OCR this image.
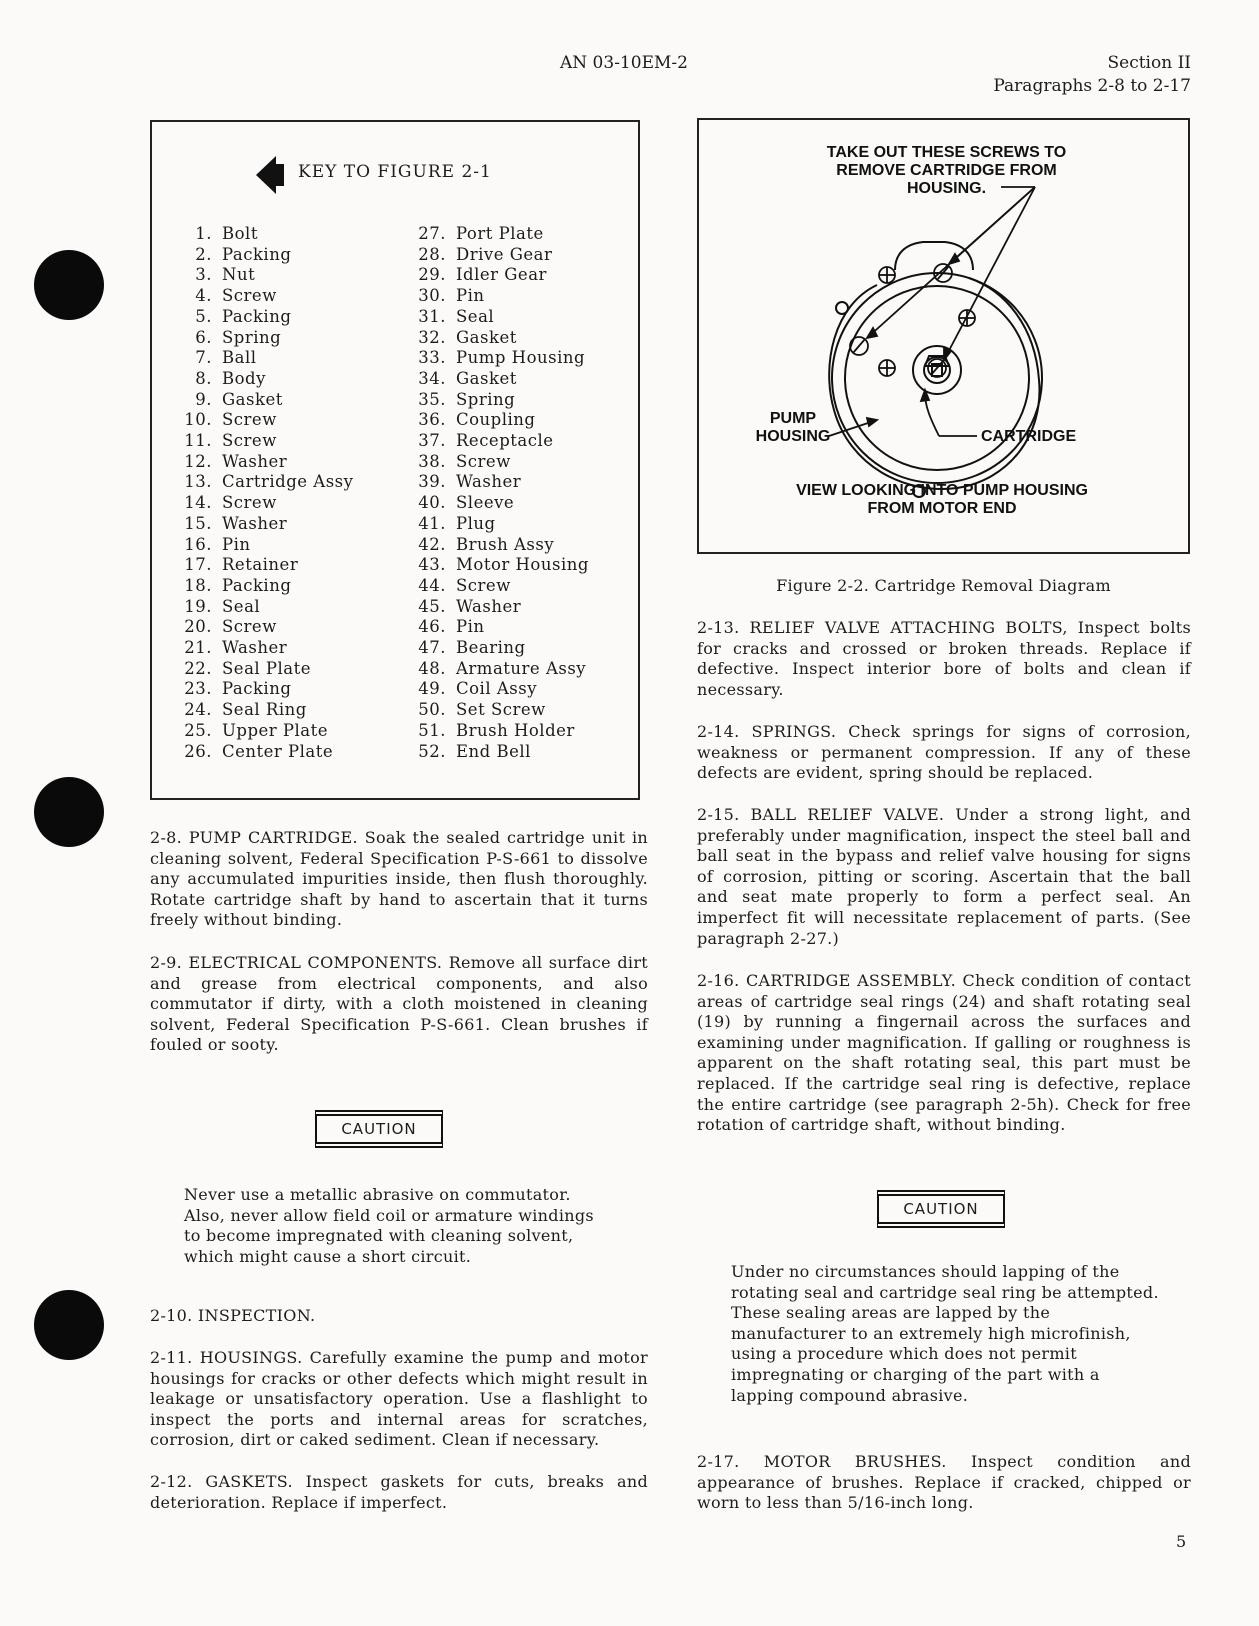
AN 03-10EM-2	Section II
Paragraphs 2-8 to 2-17
KEY TO FIGURE 2-1
1. Bolt
2. Packing
3. Nut
4. Screw
5. Packing
6. Spring
7. Ball
8. Body
9. Gasket
10. Screw
11. Screw
12. Washer
13. Cartridge Assy
14. Screw
15. Washer
16. Pin
17. Retainer
18. Packing
19. Seal
20. Screw
21. Washer
22. Seal Plate
23. Packing
24. Seal Ring
25. Upper Plate
26. Center Plate
27. Port Plate
28. Drive Gear
29. Idler Gear
30. Pin
31. Seal
32. Gasket
33. Pump Housing
34. Gasket
35. Spring
36. Coupling
37. Receptacle
38. Screw
39. Washer
40. Sleeve
41. Plug
42. Brush Assy
43. Motor Housing
44. Screw
45. Washer
46. Pin
47. Bearing
48. Armature Assy
49. Coil Assy
50. Set Screw
51. Brush Holder
52. End Bell
2-8. PUMP CARTRIDGE. Soak the sealed cartridge unit in cleaning solvent, Federal Specification P-S-661 to dissolve any accumulated impurities inside, then flush thoroughly. Rotate cartridge shaft by hand to ascertain that it turns freely without binding.
2-9. ELECTRICAL COMPONENTS. Remove all surface dirt and grease from electrical components, and also commutator if dirty, with a cloth moistened in cleaning solvent, Federal Specification P-S-661. Clean brushes if fouled or sooty.
CAUTION
Never use a metallic abrasive on commutator. Also, never allow field coil or armature windings to become impregnated with cleaning solvent, which might cause a short circuit.
2-10. INSPECTION.
2-11. HOUSINGS. Carefully examine the pump and motor housings for cracks or other defects which might result in leakage or unsatisfactory operation. Use a flashlight to inspect the ports and internal areas for scratches, corrosion, dirt or caked sediment. Clean if necessary.
2-12. GASKETS. Inspect gaskets for cuts, breaks and deterioration. Replace if imperfect.
TAKE OUT THESE SCREWS TO REMOVE CARTRIDGE FROM HOUSING.
PUMP HOUSING	CARTRIDGE
VIEW LOOKING INTO PUMP HOUSING FROM MOTOR END
Figure 2-2. Cartridge Removal Diagram
2-13. RELIEF VALVE ATTACHING BOLTS, Inspect bolts for cracks and crossed or broken threads. Replace if defective. Inspect interior bore of bolts and clean if necessary.
2-14. SPRINGS. Check springs for signs of corrosion, weakness or permanent compression. If any of these defects are evident, spring should be replaced.
2-15. BALL RELIEF VALVE. Under a strong light, and preferably under magnification, inspect the steel ball and ball seat in the bypass and relief valve housing for signs of corrosion, pitting or scoring. Ascertain that the ball and seat mate properly to form a perfect seal. An imperfect fit will necessitate replacement of parts. (See paragraph 2-27.)
2-16. CARTRIDGE ASSEMBLY. Check condition of contact areas of cartridge seal rings (24) and shaft rotating seal (19) by running a fingernail across the surfaces and examining under magnification. If galling or roughness is apparent on the shaft rotating seal, this part must be replaced. If the cartridge seal ring is defective, replace the entire cartridge (see paragraph 2-5h). Check for free rotation of cartridge shaft, without binding.
CAUTION
Under no circumstances should lapping of the rotating seal and cartridge seal ring be attempted. These sealing areas are lapped by the manufacturer to an extremely high microfinish, using a procedure which does not permit impregnating or charging of the part with a lapping compound abrasive.
2-17. MOTOR BRUSHES. Inspect condition and appearance of brushes. Replace if cracked, chipped or worn to less than 5/16-inch long.
5
